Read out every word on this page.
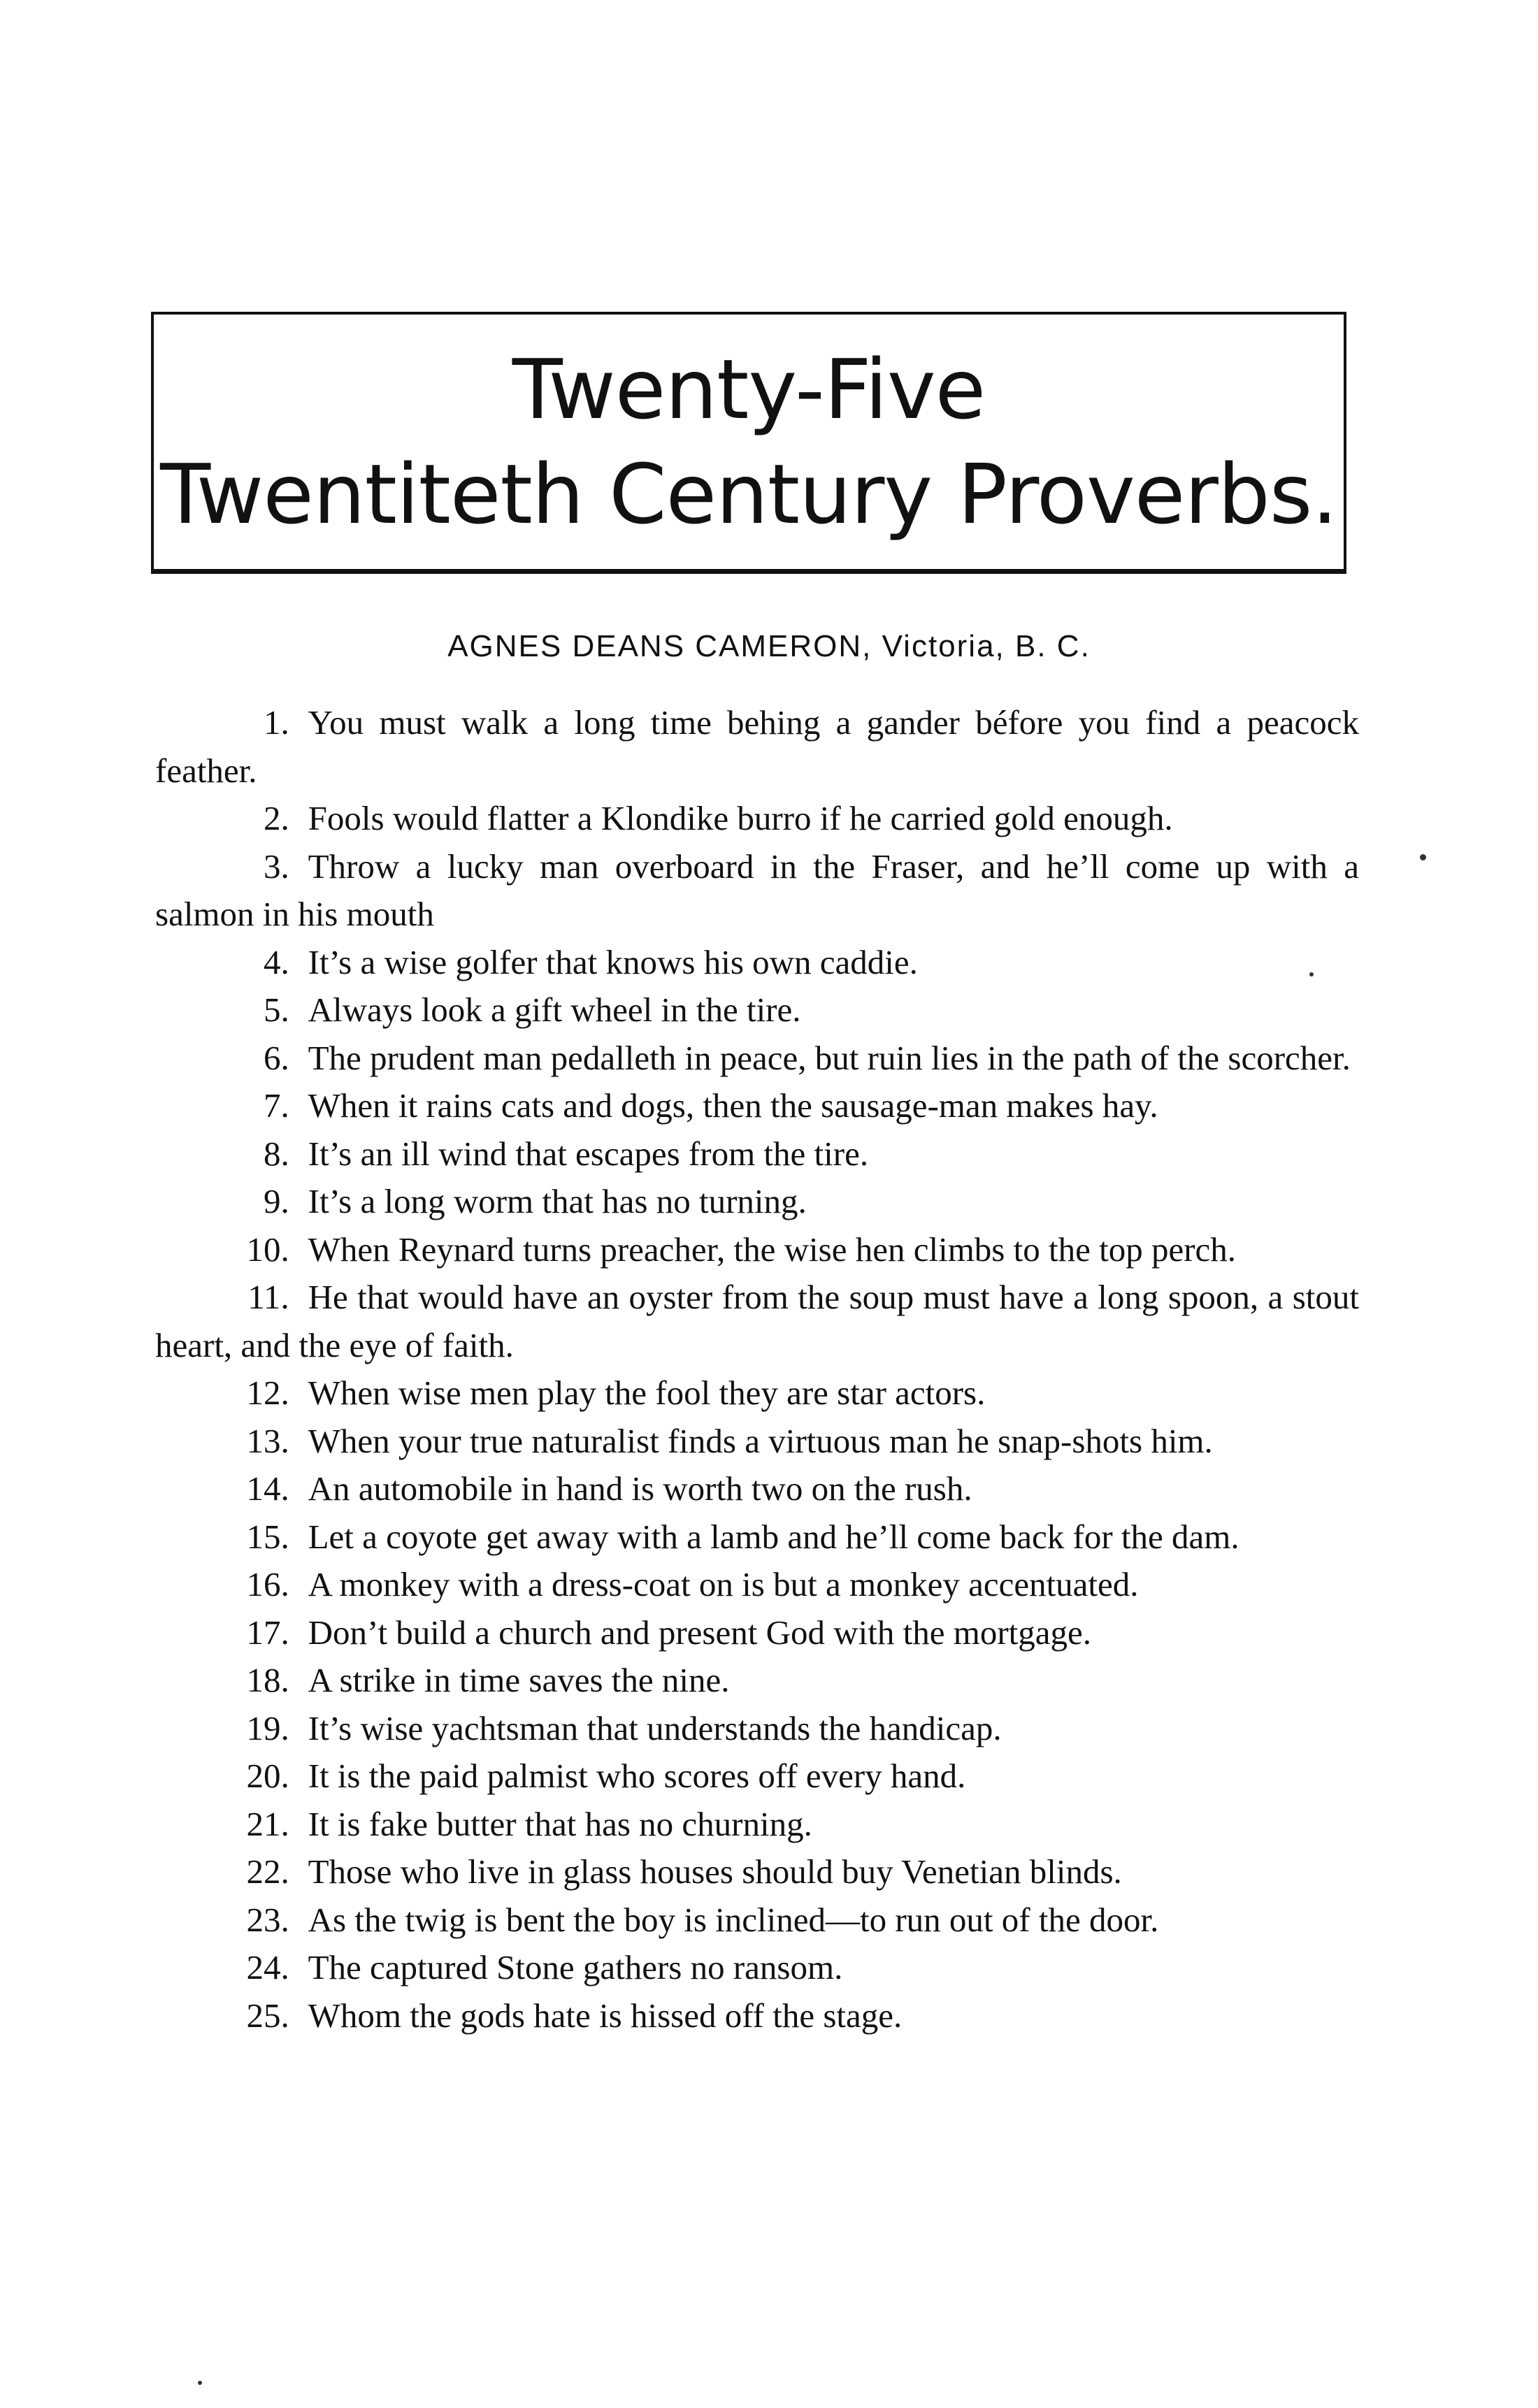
Twenty-Five
Twentiteth Century Proverbs.
AGNES DEANS CAMERON, Victoria, B. C.
1. You must walk a long time behing a gander béfore you find a peacock feather.
2. Fools would flatter a Klondike burro if he carried gold enough.
3. Throw a lucky man overboard in the Fraser, and he’ll come up with a salmon in his mouth
4. It’s a wise golfer that knows his own caddie.
5. Always look a gift wheel in the tire.
6. The prudent man pedalleth in peace, but ruin lies in the path of the scorcher.
7. When it rains cats and dogs, then the sausage-man makes hay.
8. It’s an ill wind that escapes from the tire.
9. It’s a long worm that has no turning.
10. When Reynard turns preacher, the wise hen climbs to the top perch.
11. He that would have an oyster from the soup must have a long spoon, a stout heart, and the eye of faith.
12. When wise men play the fool they are star actors.
13. When your true naturalist finds a virtuous man he snap-shots him.
14. An automobile in hand is worth two on the rush.
15. Let a coyote get away with a lamb and he’ll come back for the dam.
16. A monkey with a dress-coat on is but a monkey accentuated.
17. Don’t build a church and present God with the mortgage.
18. A strike in time saves the nine.
19. It’s wise yachtsman that understands the handicap.
20. It is the paid palmist who scores off every hand.
21. It is fake butter that has no churning.
22. Those who live in glass houses should buy Venetian blinds.
23. As the twig is bent the boy is inclined—to run out of the door.
24. The captured Stone gathers no ransom.
25. Whom the gods hate is hissed off the stage.
